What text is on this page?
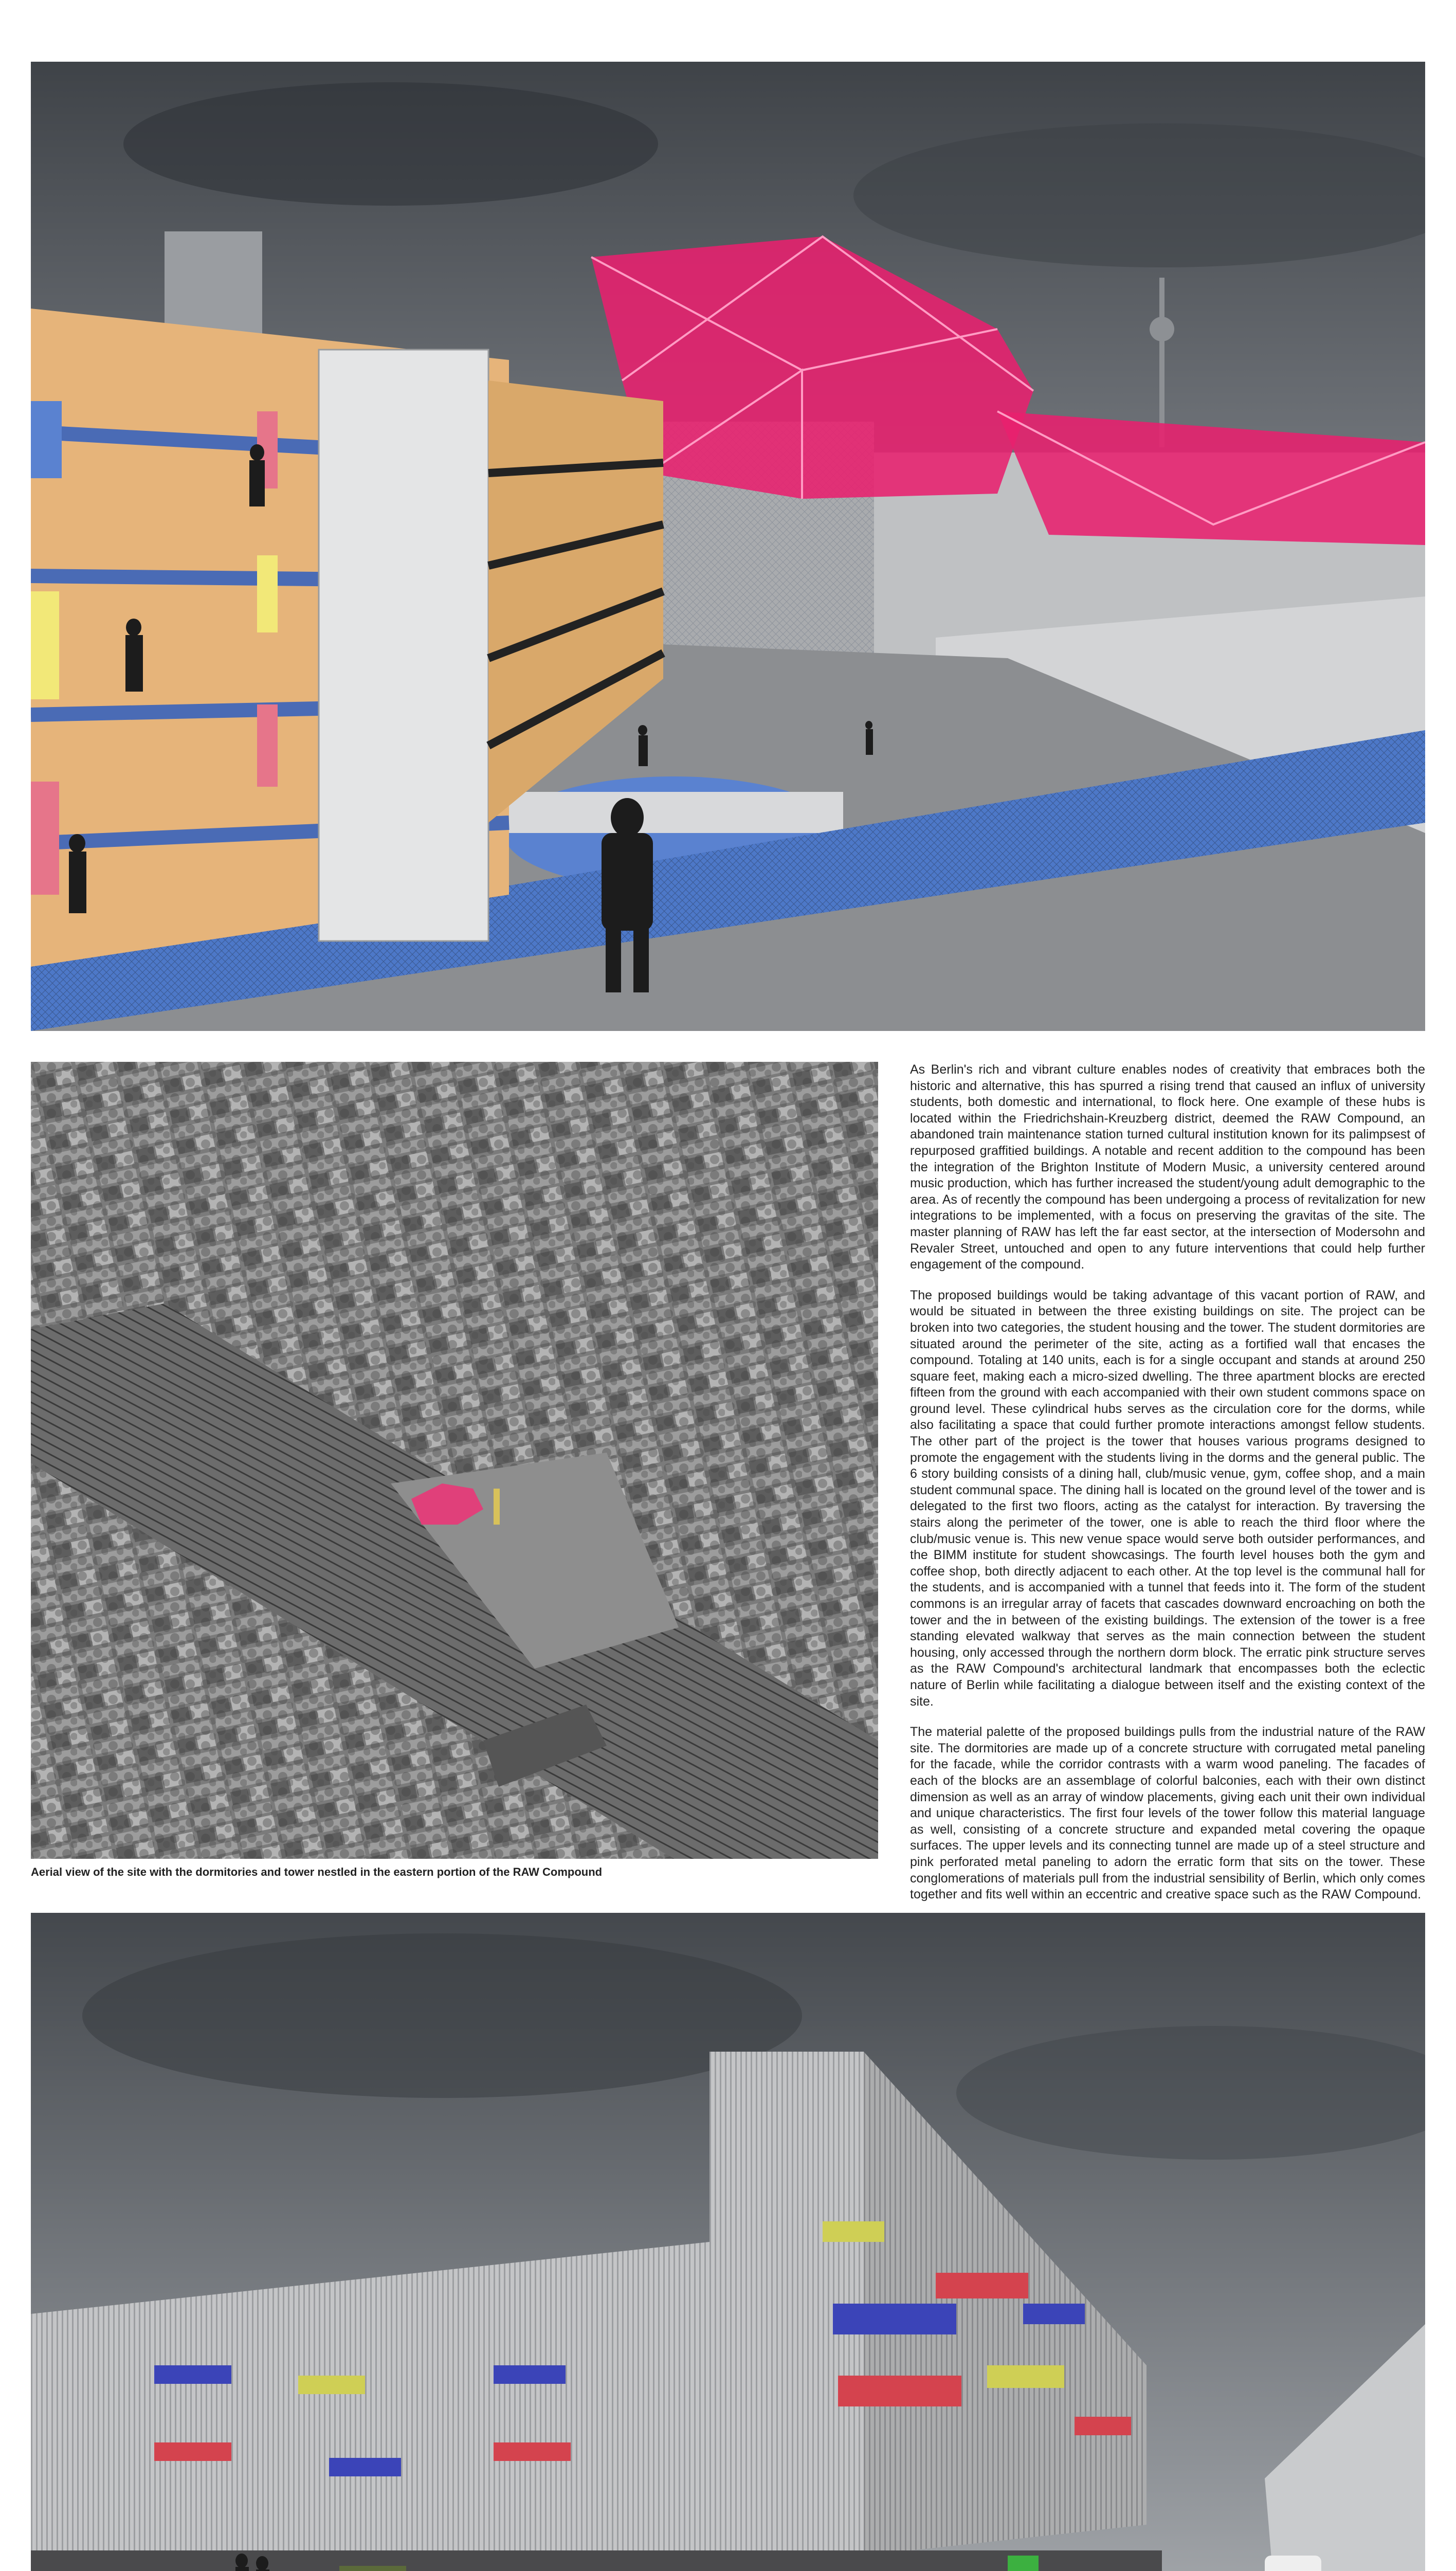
As Berlin's rich and vibrant culture enables nodes of creativity that embraces both the historic and alternative, this has spurred a rising trend that caused an influx of university students, both domestic and international, to flock here. One example of these hubs is located within the Friedrichshain-Kreuzberg district, deemed the RAW Compound, an abandoned train maintenance station turned cultural institution known for its palimpsest of repurposed graffitied buildings. A notable and recent addition to the compound has been the integration of the Brighton Institute of Modern Music, a university centered around music production, which has further increased the student/young adult demographic to the area. As of recently the compound has been undergoing a process of revitalization for new integrations to be implemented, with a focus on preserving the gravitas of the site. The master planning of RAW has left the far east sector, at the intersection of Modersohn and Revaler Street, untouched and open to any future interventions that could help further engagement of the compound.

The proposed buildings would be taking advantage of this vacant portion of RAW, and would be situated in between the three existing buildings on site. The project can be broken into two categories, the student housing and the tower. The student dormitories are situated around the perimeter of the site, acting as a fortified wall that encases the compound. Totaling at 140 units, each is for a single occupant and stands at around 250 square feet, making each a micro-sized dwelling. The three apartment blocks are erected fifteen from the ground with each accompanied with their own student commons space on ground level. These cylindrical hubs serves as the circulation core for the dorms, while also facilitating a space that could further promote interactions amongst fellow students. The other part of the project is the tower that houses various programs designed to promote the engagement with the students living in the dorms and the general public. The 6 story building consists of a dining hall, club/music venue, gym, coffee shop, and a main student communal space. The dining hall is located on the ground level of the tower and is delegated to the first two floors, acting as the catalyst for interaction. By traversing the stairs along the perimeter of the tower, one is able to reach the third floor where the club/music venue is. This new venue space would serve both outsider performances, and the BIMM institute for student showcasings. The fourth level houses both the gym and coffee shop, both directly adjacent to each other. At the top level is the communal hall for the students, and is accompanied with a tunnel that feeds into it. The form of the student commons is an irregular array of facets that cascades downward encroaching on both the tower and the in between of the existing buildings. The extension of the tower is a free standing elevated walkway that serves as the main connection between the student housing, only accessed through the northern dorm block. The erratic pink structure serves as the RAW Compound's architectural landmark that encompasses both the eclectic nature of Berlin while facilitating a dialogue between itself and the existing context of the site.

The material palette of the proposed buildings pulls from the industrial nature of the RAW site. The dormitories are made up of a concrete structure with corrugated metal paneling for the facade, while the corridor contrasts with a warm wood paneling. The facades of each of the blocks are an assemblage of colorful balconies, each with their own distinct dimension as well as an array of window placements, giving each unit their own individual and unique characteristics. The first four levels of the tower follow this material language as well, consisting of a concrete structure and expanded metal covering the opaque surfaces. The upper levels and its connecting tunnel are made up of a steel structure and pink perforated metal paneling to adorn the erratic form that sits on the tower. These conglomerations of materials pull from the industrial sensibility of Berlin, which only comes together and fits well within an eccentric and creative space such as the RAW Compound.

Aerial view of the site with the dormitories and tower nestled in the eastern portion of the RAW Compound
